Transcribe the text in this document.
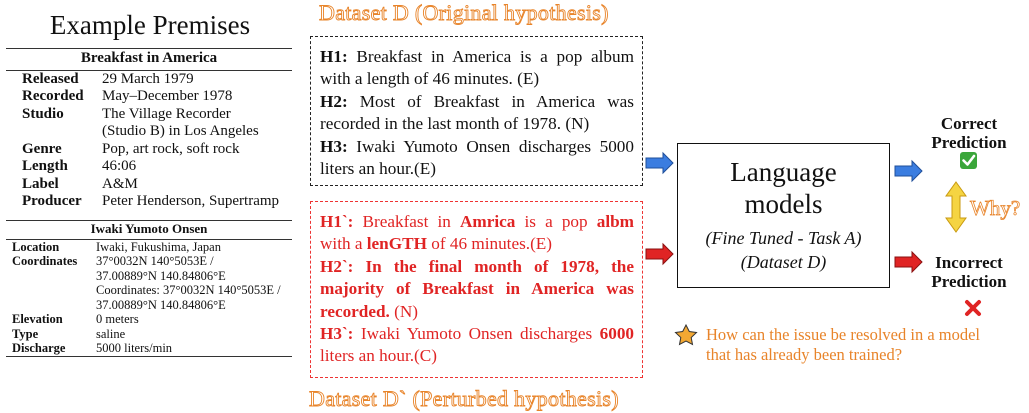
Example Premises
Breakfast in America	
Released	29 March 1979
Recorded	May–December 1978
Studio	The Village Recorder
	(Studio B) in Los Angeles
Genre	Pop, art rock, soft rock
Length	46:06
Label	A&M
Producer	Peter Henderson, Supertramp
Iwaki Yumoto Onsen	
Location	Iwaki, Fukushima, Japan
Coordinates	37°0032N 140°5053E /
	37.00889°N 140.84806°E
	Coordinates: 37°0032N 140°5053E /
	37.00889°N 140.84806°E
Elevation	0 meters
Type	saline
Discharge	5000 liters/min
Dataset D (Original hypothesis)
H1: Breakfast in America is a pop album with a length of 46 minutes. (E)
H2: Most of Breakfast in America was recorded in the last month of 1978. (N)
H3: Iwaki Yumoto Onsen discharges 5000 liters an hour.(E)
H1`: Breakfast in Amrica is a pop albm with a lenGTH of 46 minutes.(E)
H2`: In the final month of 1978, the majority of Breakfast in America was recorded. (N)
H3`: Iwaki Yumoto Onsen discharges 6000 liters an hour.(C)
Dataset D` (Perturbed hypothesis)
Language
models
(Fine Tuned - Task A)
(Dataset D)
Correct
Prediction
Why?
Incorrect
Prediction
How can the issue be resolved in a model
that has already been trained?
